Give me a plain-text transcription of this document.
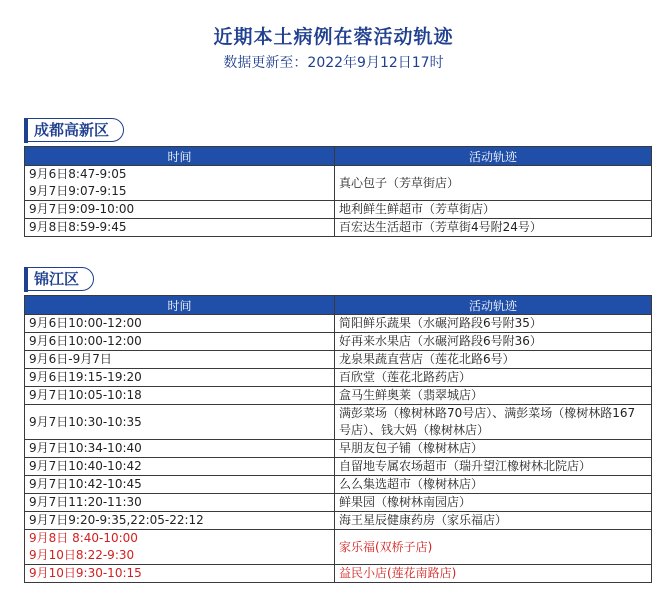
近期本土病例在蓉活动轨迹
数据更新至：2022年9月12日17时
成都高新区
时间	活动轨迹

9月6日8:47-9:05
9月7日9:07-9:15	真心包子（芳草街店）

9月7日9:09-10:00	地利鲜生鲜超市（芳草街店）

9月8日8:59-9:45	百宏达生活超市（芳草街4号附24号）
锦江区
时间	活动轨迹

9月6日10:00-12:00	简阳鲜乐蔬果（水碾河路段6号附35）

9月6日10:00-12:00	好再来水果店（水碾河路段6号附36）

9月6日-9月7日	龙泉果蔬直营店（莲花北路6号）

9月6日19:15-19:20	百欣堂（莲花北路药店）

9月7日10:05-10:18	盒马生鲜奥莱（翡翠城店）

9月7日10:30-10:35	满彭菜场（橡树林路70号店）、满彭菜场（橡树林路167号店）、钱大妈（橡树林店）

9月7日10:34-10:40	早朋友包子铺（橡树林店）

9月7日10:40-10:42	自留地专属农场超市（瑞升望江橡树林北院店）

9月7日10:42-10:45	么么集选超市（橡树林店）

9月7日11:20-11:30	鲜果园（橡树林南园店）

9月7日9:20-9:35,22:05-22:12	海王星辰健康药房（家乐福店）

9月8日 8:40-10:00
9月10日8:22-9:30	家乐福(双桥子店)

9月10日9:30-10:15	益民小店(莲花南路店)
